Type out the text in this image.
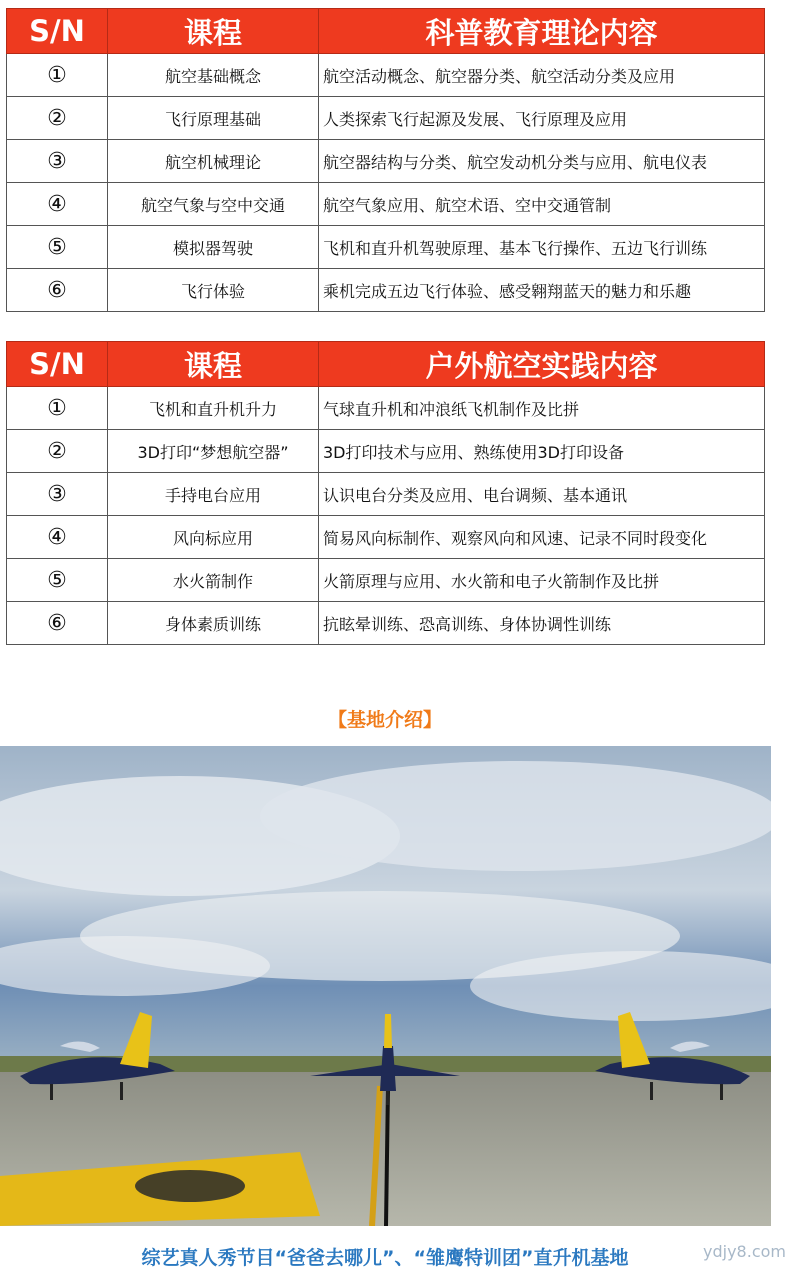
S/N	课程	科普教育理论内容
①	航空基础概念	航空活动概念、航空器分类、航空活动分类及应用
②	飞行原理基础	人类探索飞行起源及发展、飞行原理及应用
③	航空机械理论	航空器结构与分类、航空发动机分类与应用、航电仪表
④	航空气象与空中交通	航空气象应用、航空术语、空中交通管制
⑤	模拟器驾驶	飞机和直升机驾驶原理、基本飞行操作、五边飞行训练
⑥	飞行体验	乘机完成五边飞行体验、感受翱翔蓝天的魅力和乐趣
S/N	课程	户外航空实践内容
①	飞机和直升机升力	气球直升机和冲浪纸飞机制作及比拼
②	3D打印“梦想航空器”	3D打印技术与应用、熟练使用3D打印设备
③	手持电台应用	认识电台分类及应用、电台调频、基本通讯
④	风向标应用	简易风向标制作、观察风向和风速、记录不同时段变化
⑤	水火箭制作	火箭原理与应用、水火箭和电子火箭制作及比拼
⑥	身体素质训练	抗眩晕训练、恐高训练、身体协调性训练
【基地介绍】
综艺真人秀节目“爸爸去哪儿”、“雏鹰特训团”直升机基地	ydjy8.com
